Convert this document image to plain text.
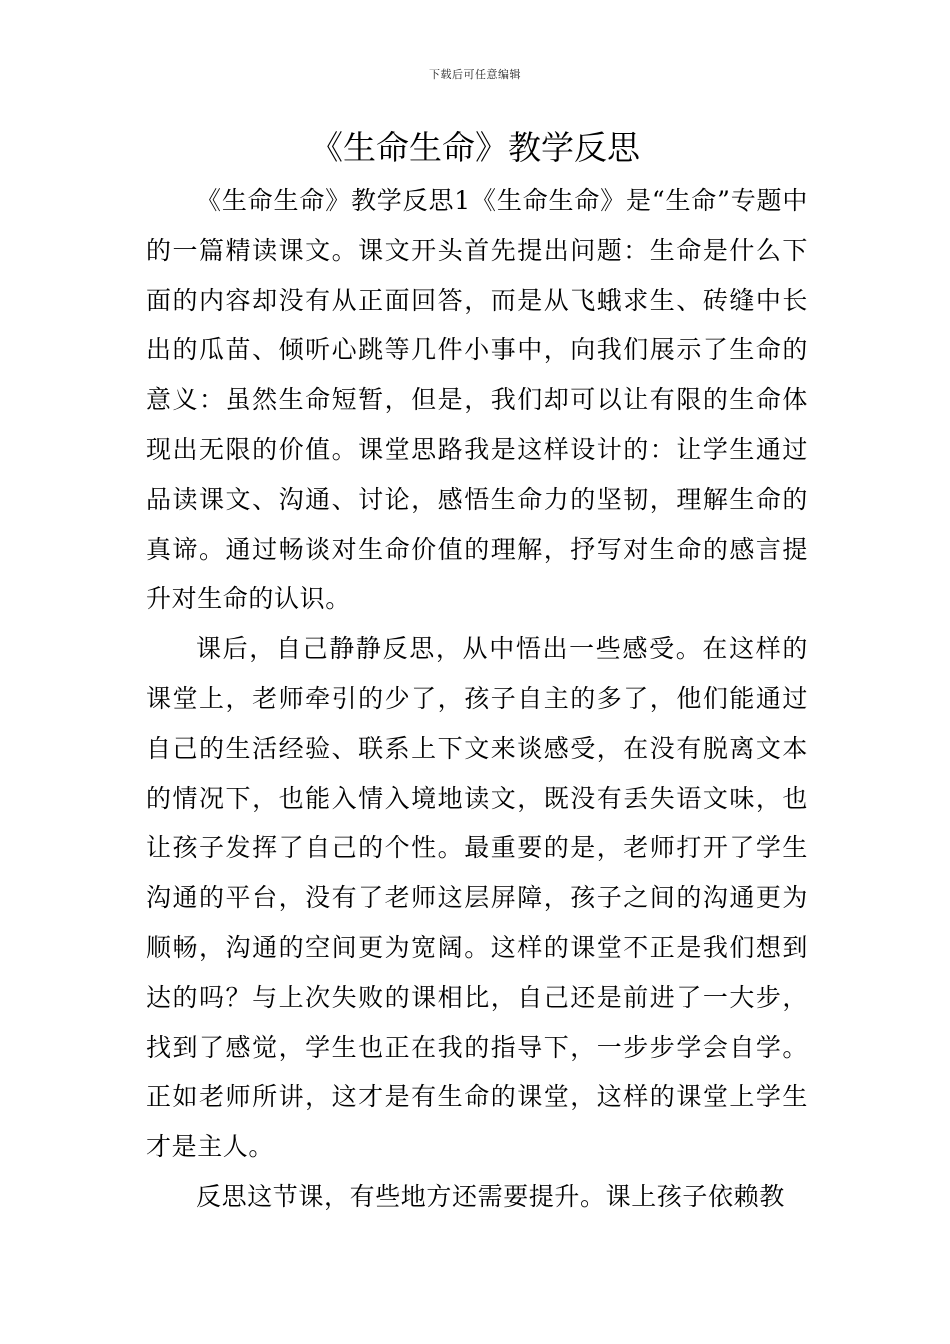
下载后可任意编辑
《生命生命》教学反思

《生命生命》教学反思1《生命生命》是“生命”专题中的一篇精读课文。课文开头首先提出问题：生命是什么下面的内容却没有从正面回答，而是从飞蛾求生、砖缝中长出的瓜苗、倾听心跳等几件小事中，向我们展示了生命的意义：虽然生命短暂，但是，我们却可以让有限的生命体现出无限的价值。课堂思路我是这样设计的：让学生通过品读课文、沟通、讨论，感悟生命力的坚韧，理解生命的真谛。通过畅谈对生命价值的理解，抒写对生命的感言提升对生命的认识。

课后，自己静静反思，从中悟出一些感受。在这样的课堂上，老师牵引的少了，孩子自主的多了，他们能通过自己的生活经验、联系上下文来谈感受，在没有脱离文本的情况下，也能入情入境地读文，既没有丢失语文味，也让孩子发挥了自己的个性。最重要的是，老师打开了学生沟通的平台，没有了老师这层屏障，孩子之间的沟通更为顺畅，沟通的空间更为宽阔。这样的课堂不正是我们想到达的吗？与上次失败的课相比，自己还是前进了一大步，找到了感觉，学生也正在我的指导下，一步步学会自学。正如老师所讲，这才是有生命的课堂，这样的课堂上学生才是主人。

反思这节课，有些地方还需要提升。课上孩子依赖教
